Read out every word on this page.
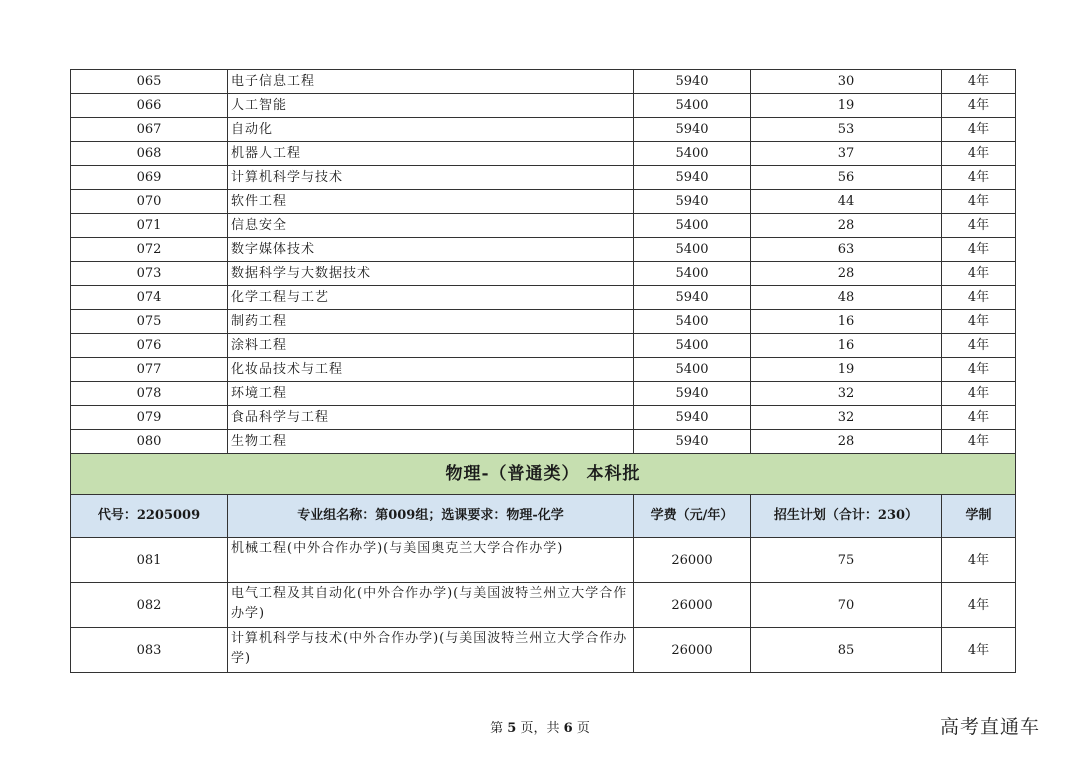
065	电子信息工程	5940	30	4年
066	人工智能	5400	19	4年
067	自动化	5940	53	4年
068	机器人工程	5400	37	4年
069	计算机科学与技术	5940	56	4年
070	软件工程	5940	44	4年
071	信息安全	5400	28	4年
072	数字媒体技术	5400	63	4年
073	数据科学与大数据技术	5400	28	4年
074	化学工程与工艺	5940	48	4年
075	制药工程	5400	16	4年
076	涂料工程	5400	16	4年
077	化妆品技术与工程	5400	19	4年
078	环境工程	5940	32	4年
079	食品科学与工程	5940	32	4年
080	生物工程	5940	28	4年
物理-（普通类） 本科批				
代号：2205009	专业组名称：第009组；选课要求：物理-化学	学费（元/年）	招生计划（合计：230）	学制
081	机械工程(中外合作办学)(与美国奥克兰大学合作办学)	26000	75	4年
082	电气工程及其自动化(中外合作办学)(与美国波特兰州立大学合作办学)	26000	70	4年
083	计算机科学与技术(中外合作办学)(与美国波特兰州立大学合作办学)	26000	85	4年
第 5 页，共 6 页	高考直通车
